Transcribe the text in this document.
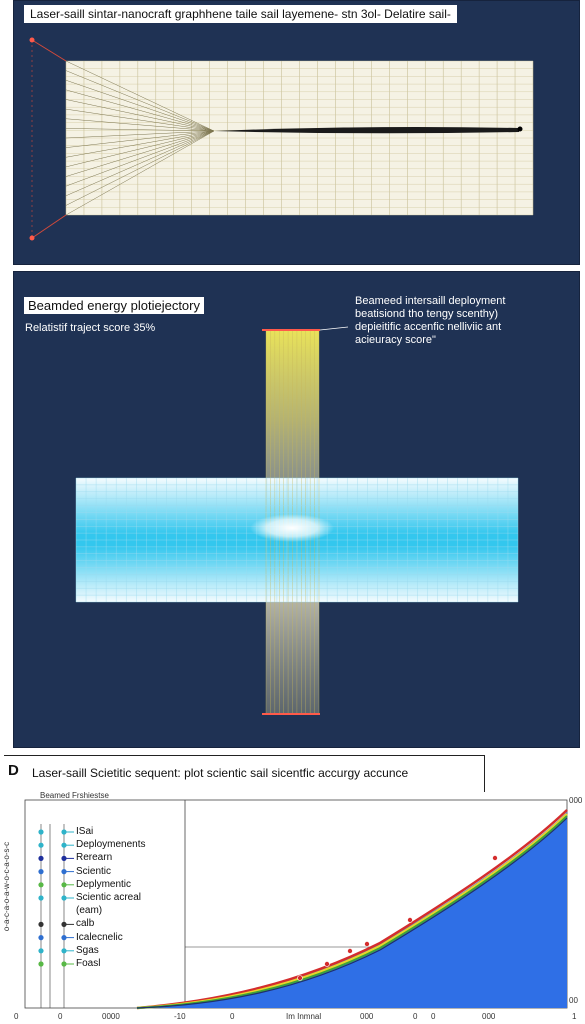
Laser-saill sintar-nanocraft graphhene taile sail layemene- stn 3ol- Delatire sail-
Beamded energy plotiejectory
Relatistif traject score 35%
Beameed intersaill deployment
beatisiond tho tengy scenthy)
depieitific accenfic nelliviic ant
acieuracy score"
D Laser-saill Scietitic sequent: plot scientic sail sicentfic accurgy accunce
Beamed Frshiestse
o-a-c-a-o-a-w-o-c-a-o-s-c
ISai
Deploymenents
Rerearn
Scientic
Deplymentic
Scientic acreal
(eam)
calb
Icalecnelic
Sgas
Foasl
0	0	0000	-10	0	Im Inmnal	000	0 0	000	1
000
00
